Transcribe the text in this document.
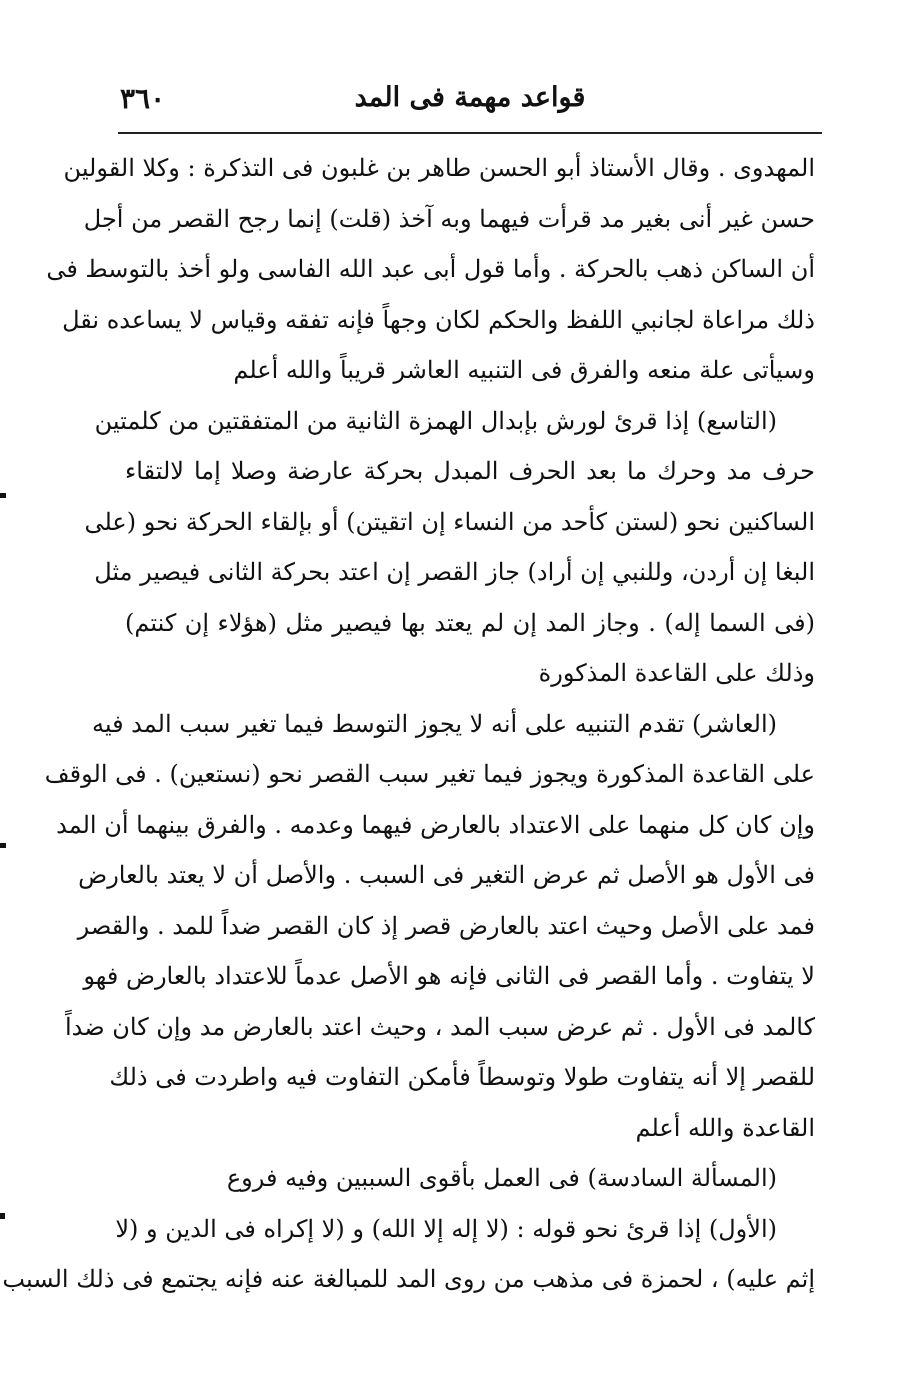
٣٦٠	قواعد مهمة فى المد
المهدوى . وقال الأستاذ أبو الحسن طاهر بن غلبون فى التذكرة : وكلا القولين
حسن غير أنى بغير مد قرأت فيهما وبه آخذ (قلت) إنما رجح القصر من أجل
أن الساكن ذهب بالحركة . وأما قول أبى عبد الله الفاسى ولو أخذ بالتوسط فى
ذلك مراعاة لجانبي اللفظ والحكم لكان وجهاً فإنه تفقه وقياس لا يساعده نقل
وسيأتى علة منعه والفرق فى التنبيه العاشر قريباً والله أعلم
(التاسع) إذا قرئ لورش بإبدال الهمزة الثانية من المتفقتين من كلمتين
حرف مد وحرك ما بعد الحرف المبدل بحركة عارضة وصلا إما لالتقاء
الساكنين نحو (لستن كأحد من النساء إن اتقيتن) أو بإلقاء الحركة نحو (على
البغا إن أردن، وللنبي إن أراد) جاز القصر إن اعتد بحركة الثانى فيصير مثل
(فى السما إله) . وجاز المد إن لم يعتد بها فيصير مثل (هؤلاء إن كنتم)
وذلك على القاعدة المذكورة
(العاشر) تقدم التنبيه على أنه لا يجوز التوسط فيما تغير سبب المد فيه
على القاعدة المذكورة ويجوز فيما تغير سبب القصر نحو (نستعين) . فى الوقف
وإن كان كل منهما على الاعتداد بالعارض فيهما وعدمه . والفرق بينهما أن المد
فى الأول هو الأصل ثم عرض التغير فى السبب . والأصل أن لا يعتد بالعارض
فمد على الأصل وحيث اعتد بالعارض قصر إذ كان القصر ضداً للمد . والقصر
لا يتفاوت . وأما القصر فى الثانى فإنه هو الأصل عدماً للاعتداد بالعارض فهو
كالمد فى الأول . ثم عرض سبب المد ، وحيث اعتد بالعارض مد وإن كان ضداً
للقصر إلا أنه يتفاوت طولا وتوسطاً فأمكن التفاوت فيه واطردت فى ذلك
القاعدة والله أعلم
(المسألة السادسة) فى العمل بأقوى السببين وفيه فروع
(الأول) إذا قرئ نحو قوله : (لا إله إلا الله) و (لا إكراه فى الدين و (لا
إثم عليه) ، لحمزة فى مذهب من روى المد للمبالغة عنه فإنه يجتمع فى ذلك السبب
